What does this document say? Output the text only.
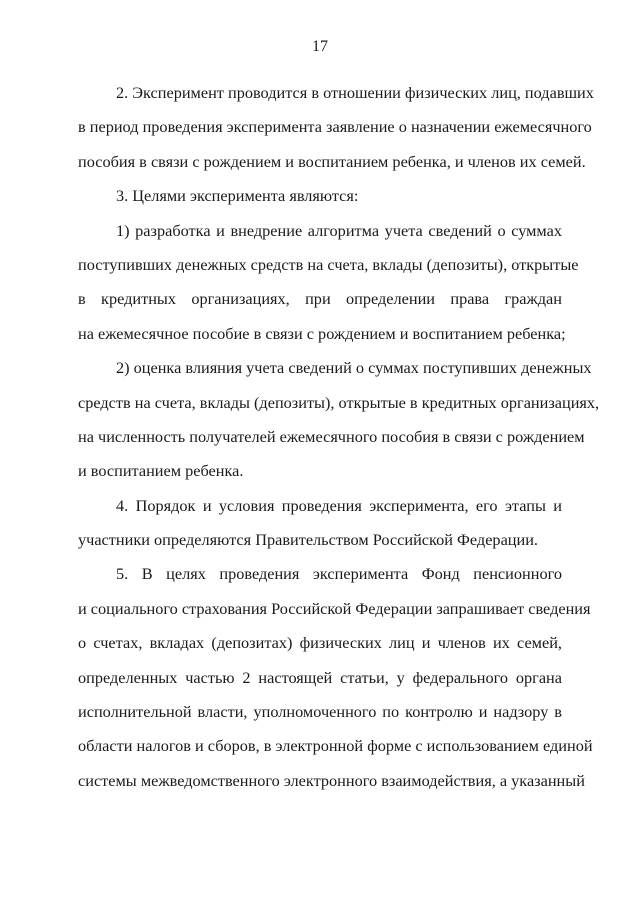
17
2. Эксперимент проводится в отношении физических лиц, подавших
в период проведения эксперимента заявление о назначении ежемесячного
пособия в связи с рождением и воспитанием ребенка, и членов их семей.
3. Целями эксперимента являются:
1) разработка и внедрение алгоритма учета сведений о суммах
поступивших денежных средств на счета, вклады (депозиты), открытые
в кредитных организациях, при определении права граждан
на ежемесячное пособие в связи с рождением и воспитанием ребенка;
2) оценка влияния учета сведений о суммах поступивших денежных
средств на счета, вклады (депозиты), открытые в кредитных организациях,
на численность получателей ежемесячного пособия в связи с рождением
и воспитанием ребенка.
4. Порядок и условия проведения эксперимента, его этапы и
участники определяются Правительством Российской Федерации.
5. В целях проведения эксперимента Фонд пенсионного
и социального страхования Российской Федерации запрашивает сведения
о счетах, вкладах (депозитах) физических лиц и членов их семей,
определенных частью 2 настоящей статьи, у федерального органа
исполнительной власти, уполномоченного по контролю и надзору в
области налогов и сборов, в электронной форме с использованием единой
системы межведомственного электронного взаимодействия, а указанный
